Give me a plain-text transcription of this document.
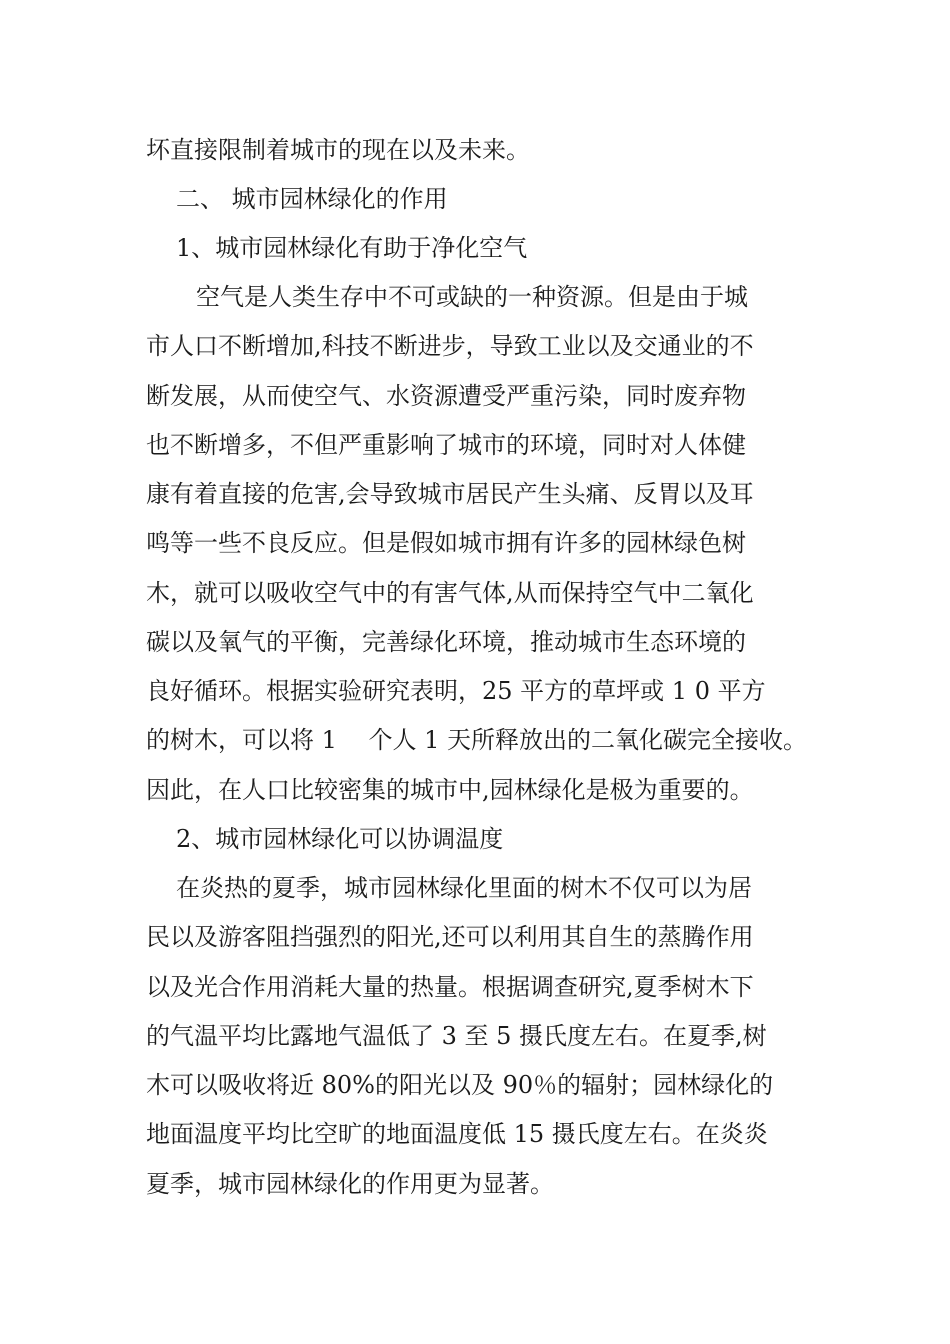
坏直接限制着城市的现在以及未来。
二、 城市园林绿化的作用
1、城市园林绿化有助于净化空气
空气是人类生存中不可或缺的一种资源。但是由于城
市人口不断增加,科技不断进步，导致工业以及交通业的不
断发展，从而使空气、水资源遭受严重污染，同时废弃物
也不断增多，不但严重影响了城市的环境，同时对人体健
康有着直接的危害,会导致城市居民产生头痛、反胃以及耳
鸣等一些不良反应。但是假如城市拥有许多的园林绿色树
木，就可以吸收空气中的有害气体,从而保持空气中二氧化
碳以及氧气的平衡，完善绿化环境，推动城市生态环境的
良好循环。根据实验研究表明，25 平方的草坪或 1 0 平方
的树木，可以将 1　 个人 1 天所释放出的二氧化碳完全接收。
因此，在人口比较密集的城市中,园林绿化是极为重要的。
2、城市园林绿化可以协调温度
在炎热的夏季，城市园林绿化里面的树木不仅可以为居
民以及游客阻挡强烈的阳光,还可以利用其自生的蒸腾作用
以及光合作用消耗大量的热量。根据调查研究,夏季树木下
的气温平均比露地气温低了 3 至 5 摄氏度左右。在夏季,树
木可以吸收将近 80%的阳光以及 90％的辐射；园林绿化的
地面温度平均比空旷的地面温度低 15 摄氏度左右。在炎炎
夏季，城市园林绿化的作用更为显著。
